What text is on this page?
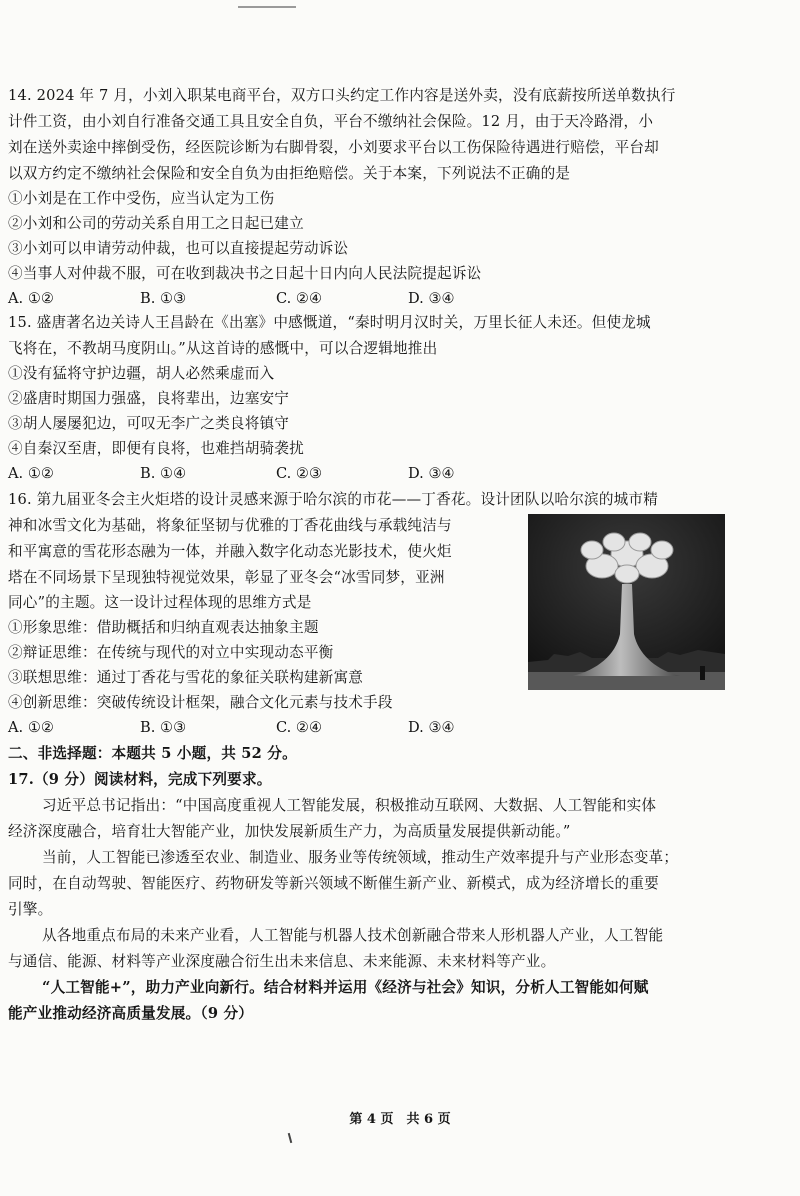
14. 2024 年 7 月，小刘入职某电商平台，双方口头约定工作内容是送外卖，没有底薪按所送单数执行
计件工资，由小刘自行准备交通工具且安全自负，平台不缴纳社会保险。12 月，由于天冷路滑，小
刘在送外卖途中摔倒受伤，经医院诊断为右脚骨裂，小刘要求平台以工伤保险待遇进行赔偿，平台却
以双方约定不缴纳社会保险和安全自负为由拒绝赔偿。关于本案，下列说法不正确的是
①小刘是在工作中受伤，应当认定为工伤
②小刘和公司的劳动关系自用工之日起已建立
③小刘可以申请劳动仲裁，也可以直接提起劳动诉讼
④当事人对仲裁不服，可在收到裁决书之日起十日内向人民法院提起诉讼
A. ①②	B. ①③	C. ②④	D. ③④
15. 盛唐著名边关诗人王昌龄在《出塞》中感慨道，“秦时明月汉时关，万里长征人未还。但使龙城
飞将在，不教胡马度阴山。”从这首诗的感慨中，可以合逻辑地推出
①没有猛将守护边疆，胡人必然乘虚而入
②盛唐时期国力强盛，良将辈出，边塞安宁
③胡人屡屡犯边，可叹无李广之类良将镇守
④自秦汉至唐，即便有良将，也难挡胡骑袭扰
A. ①②	B. ①④	C. ②③	D. ③④
16. 第九届亚冬会主火炬塔的设计灵感来源于哈尔滨的市花——丁香花。设计团队以哈尔滨的城市精
神和冰雪文化为基础，将象征坚韧与优雅的丁香花曲线与承载纯洁与
和平寓意的雪花形态融为一体，并融入数字化动态光影技术，使火炬
塔在不同场景下呈现独特视觉效果，彰显了亚冬会“冰雪同梦，亚洲
同心”的主题。这一设计过程体现的思维方式是
①形象思维：借助概括和归纳直观表达抽象主题
②辩证思维：在传统与现代的对立中实现动态平衡
③联想思维：通过丁香花与雪花的象征关联构建新寓意
④创新思维：突破传统设计框架，融合文化元素与技术手段
A. ①②	B. ①③	C. ②④	D. ③④
二、非选择题：本题共 5 小题，共 52 分。
17.（9 分）阅读材料，完成下列要求。
习近平总书记指出：“中国高度重视人工智能发展，积极推动互联网、大数据、人工智能和实体
经济深度融合，培育壮大智能产业，加快发展新质生产力，为高质量发展提供新动能。”
当前，人工智能已渗透至农业、制造业、服务业等传统领域，推动生产效率提升与产业形态变革；
同时，在自动驾驶、智能医疗、药物研发等新兴领域不断催生新产业、新模式，成为经济增长的重要
引擎。
从各地重点布局的未来产业看，人工智能与机器人技术创新融合带来人形机器人产业，人工智能
与通信、能源、材料等产业深度融合衍生出未来信息、未来能源、未来材料等产业。
“人工智能+”，助力产业向新行。结合材料并运用《经济与社会》知识，分析人工智能如何赋
能产业推动经济高质量发展。（9 分）
第 4 页　共 6 页
